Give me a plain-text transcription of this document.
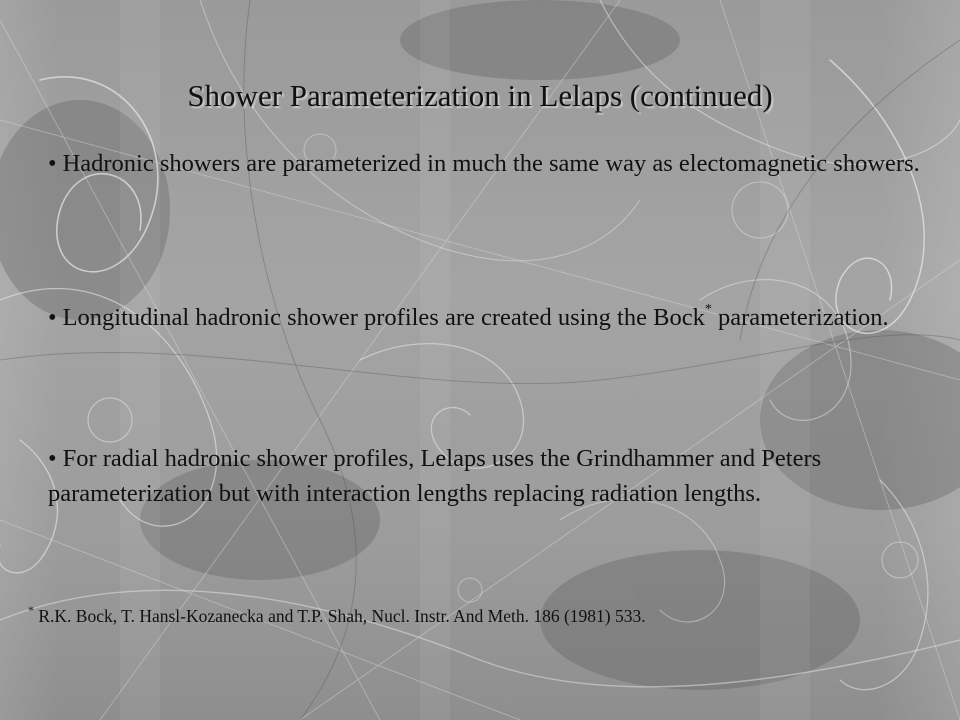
Shower Parameterization in Lelaps (continued)
• Hadronic showers are parameterized in much the same way as electomagnetic showers.
• Longitudinal hadronic shower profiles are created using the Bock* parameterization.
• For radial hadronic shower profiles, Lelaps uses the Grindhammer and Peters parameterization but with interaction lengths replacing radiation lengths.
* R.K. Bock, T. Hansl-Kozanecka and T.P. Shah, Nucl. Instr. And Meth. 186 (1981) 533.
